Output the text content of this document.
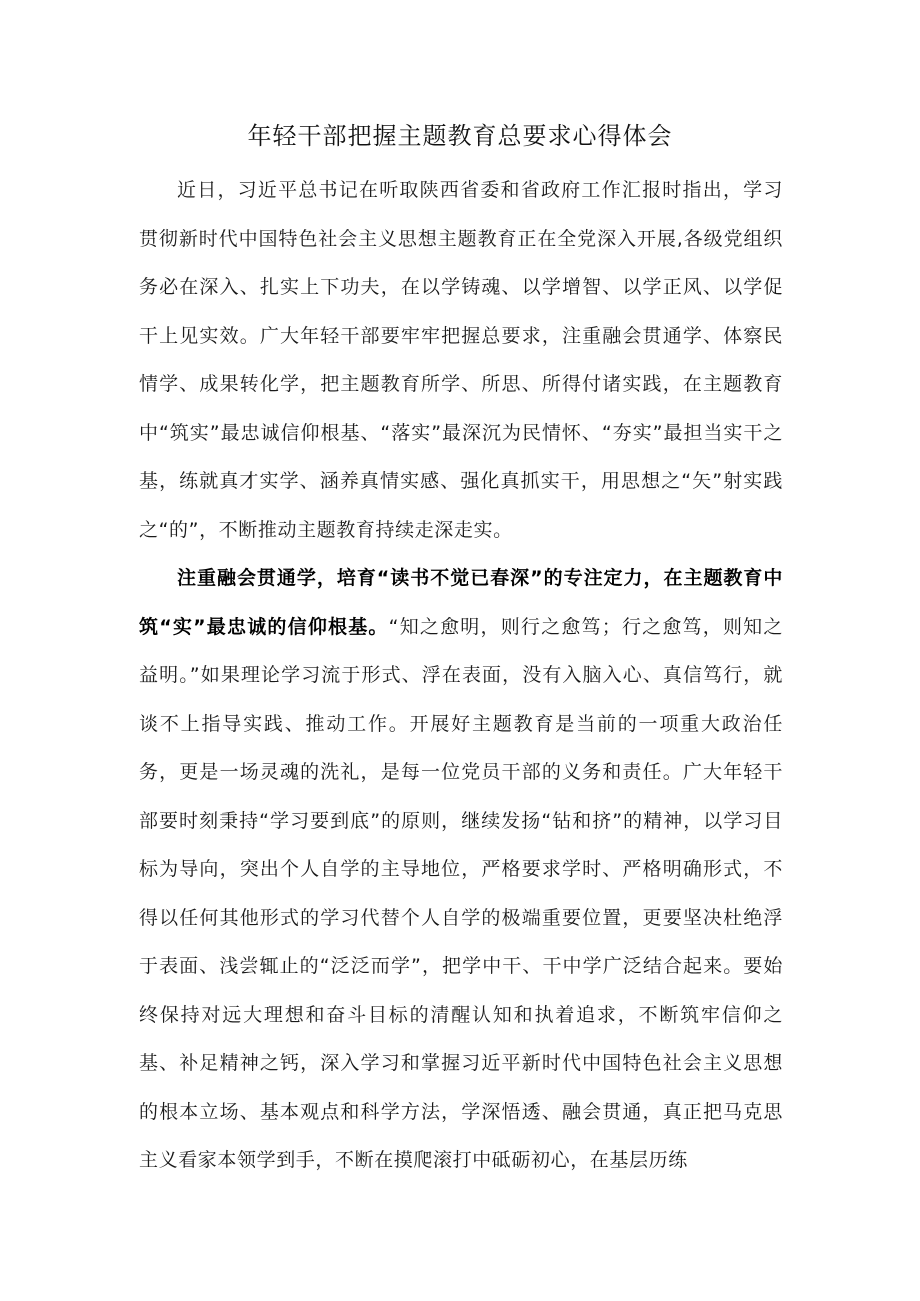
年轻干部把握主题教育总要求心得体会

近日，习近平总书记在听取陕西省委和省政府工作汇报时指出，学习贯彻新时代中国特色社会主义思想主题教育正在全党深入开展,各级党组织务必在深入、扎实上下功夫，在以学铸魂、以学增智、以学正风、以学促干上见实效。广大年轻干部要牢牢把握总要求，注重融会贯通学、体察民情学、成果转化学，把主题教育所学、所思、所得付诸实践，在主题教育中“筑实”最忠诚信仰根基、“落实”最深沉为民情怀、“夯实”最担当实干之基，练就真才实学、涵养真情实感、强化真抓实干，用思想之“矢”射实践之“的”，不断推动主题教育持续走深走实。

注重融会贯通学，培育“读书不觉已春深”的专注定力，在主题教育中筑“实”最忠诚的信仰根基。“知之愈明，则行之愈笃；行之愈笃，则知之益明。”如果理论学习流于形式、浮在表面，没有入脑入心、真信笃行，就谈不上指导实践、推动工作。开展好主题教育是当前的一项重大政治任务，更是一场灵魂的洗礼，是每一位党员干部的义务和责任。广大年轻干部要时刻秉持“学习要到底”的原则，继续发扬“钻和挤”的精神，以学习目标为导向，突出个人自学的主导地位，严格要求学时、严格明确形式，不得以任何其他形式的学习代替个人自学的极端重要位置，更要坚决杜绝浮于表面、浅尝辄止的“泛泛而学”，把学中干、干中学广泛结合起来。要始终保持对远大理想和奋斗目标的清醒认知和执着追求，不断筑牢信仰之基、补足精神之钙，深入学习和掌握习近平新时代中国特色社会主义思想的根本立场、基本观点和科学方法，学深悟透、融会贯通，真正把马克思主义看家本领学到手，不断在摸爬滚打中砥砺初心，在基层历练
